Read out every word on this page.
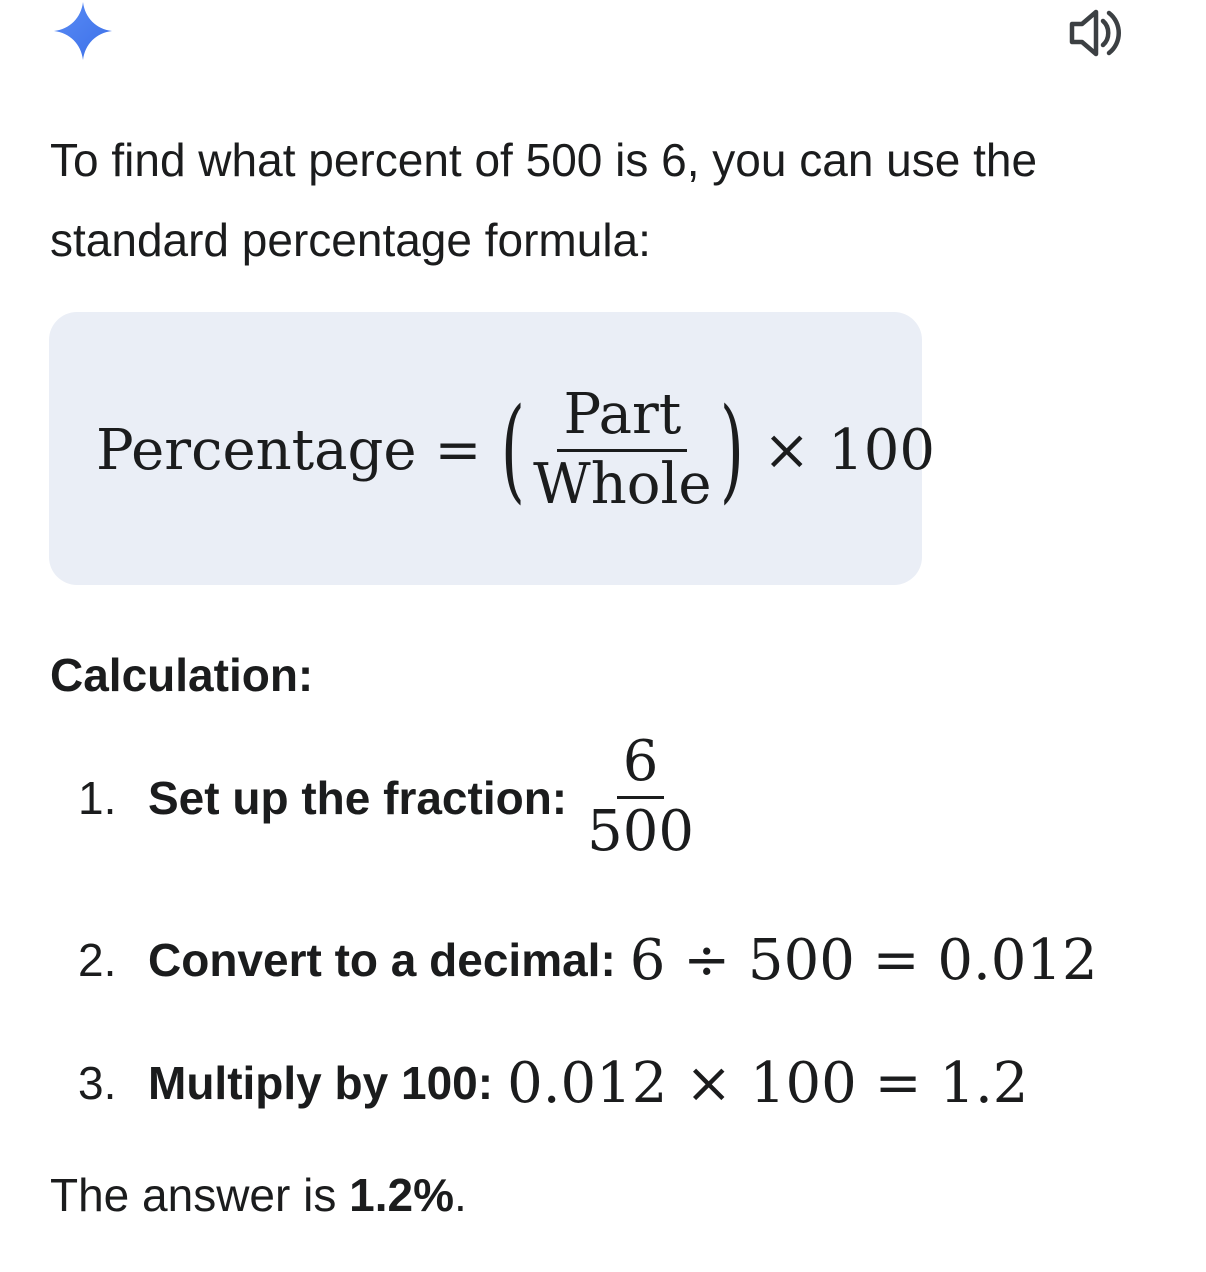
To find what percent of 500 is 6, you can use the standard percentage formula:

Percentage = ( $\frac{\text{Part}}{\text{Whole}}$ ) × 100
Calculation:
1. Set up the fraction: $\frac{6}{500}$
2. Convert to a decimal: 6 ÷ 500 = 0.012
3. Multiply by 100: 0.012 × 100 = 1.2

The answer is 1.2%.
